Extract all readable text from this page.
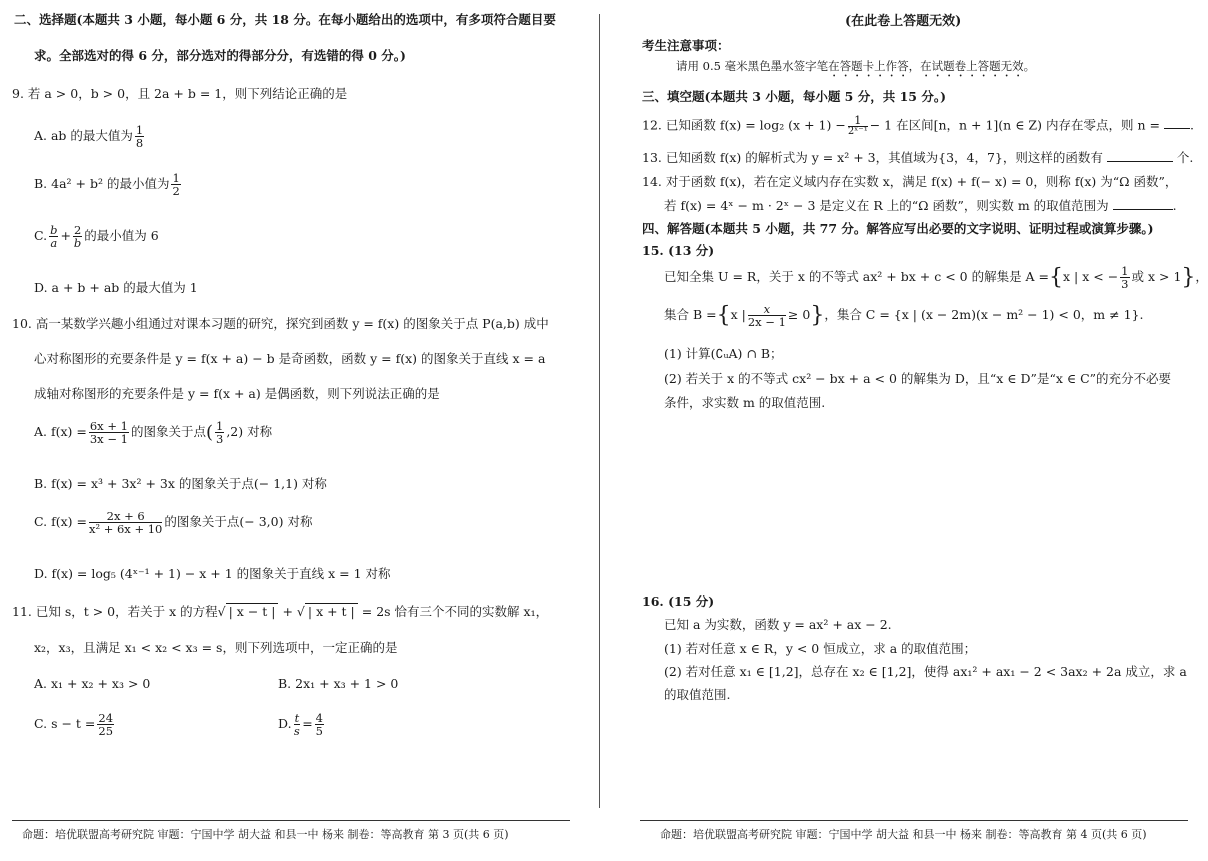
二、选择题(本题共 3 小题，每小题 6 分，共 18 分。在每小题给出的选项中，有多项符合题目要
求。全部选对的得 6 分，部分选对的得部分分，有选错的得 0 分。)
9. 若 a > 0，b > 0，且 2a + b = 1，则下列结论正确的是
A. ab 的最大值为 $\frac{1}{8}$
B. 4a² + b² 的最小值为 $\frac{1}{2}$
C. $\frac{b}{a} + \frac{2}{b}$ 的最小值为 6
D. a + b + ab 的最大值为 1
10. 高一某数学兴趣小组通过对课本习题的研究，探究到函数 y = f(x) 的图象关于点 P(a,b) 成中
心对称图形的充要条件是 y = f(x + a) − b 是奇函数，函数 y = f(x) 的图象关于直线 x = a
成轴对称图形的充要条件是 y = f(x + a) 是偶函数，则下列说法正确的是
A. $f(x) = \frac{6x + 1}{3x - 1}$ 的图象关于点( $\frac{1}{3} ,2$) 对称
B. f(x) = x³ + 3x² + 3x 的图象关于点(− 1,1) 对称
C. $f(x) = \frac{2x + 6}{\text{x² + 6x + 10}}$ 的图象关于点(− 3,0) 对称
D. f(x) = log₅ (4ˣ⁻¹ + 1) − x + 1 的图象关于直线 x = 1 对称
11. 已知 s，t > 0，若关于 x 的方程√ | x − t | + √ | x + t | = 2s 恰有三个不同的实数解 x₁，
x₂，x₃，且满足 x₁ < x₂ < x₃ = s，则下列选项中，一定正确的是
A. x₁ + x₂ + x₃ > 0	B. 2x₁ + x₃ + 1 > 0
C. $s - t = \frac{24}{25}$	D. $\frac{t}{s} = \frac{4}{5}$
命题：培优联盟高考研究院 审题：宁国中学 胡大益 和县一中 杨来 制卷：等高教育 第 3 页(共 6 页)
(在此卷上答题无效)
考生注意事项：
请用 0.5 毫米黑色墨水签字笔在答题卡上作答，在试题卷上答题无效。
三、填空题(本题共 3 小题，每小题 5 分，共 15 分。)
12. 已知函数 f(x) = log₂ $(x + 1) - \frac{1}{\text{2ˣ⁻¹}} - 1$ 在区间[n，n + 1](n ∈ Z) 内存在零点，则 n = .
13. 已知函数 f(x) 的解析式为 y = x² + 3，其值域为{3，4，7}，则这样的函数有	个.
14. 对于函数 f(x)，若在定义域内存在实数 x，满足 f(x) + f(− x) = 0，则称 f(x) 为“Ω 函数”，
若 f(x) = 4ˣ − m · 2ˣ − 3 是定义在 R 上的“Ω 函数”，则实数 m 的取值范围为	.
四、解答题(本题共 5 小题，共 77 分。解答应写出必要的文字说明、证明过程或演算步骤。)
15. (13 分)
已知全集 U = R，关于 x 的不等式 ax² + bx + c < 0 的解集是 A ={x | x < − $\frac{1}{3}$ 或 x > 1}，
集合 B ={x | $\frac{x}{2x - 1} \ge 0$}，集合 C = {x | (x − 2m)(x − m² − 1) < 0，m ≠ 1}.
(1) 计算(∁ᵤA) ∩ B；
(2) 若关于 x 的不等式 cx² − bx + a < 0 的解集为 D，且“x ∈ D”是“x ∈ C”的充分不必要
条件，求实数 m 的取值范围.
16. (15 分)
已知 a 为实数，函数 y = ax² + ax − 2.
(1) 若对任意 x ∈ R，y < 0 恒成立，求 a 的取值范围；
(2) 若对任意 x₁ ∈ [1,2]，总存在 x₂ ∈ [1,2]，使得 ax₁² + ax₁ − 2 < 3ax₂ + 2a 成立，求 a
的取值范围.
命题：培优联盟高考研究院 审题：宁国中学 胡大益 和县一中 杨来 制卷：等高教育 第 4 页(共 6 页)
